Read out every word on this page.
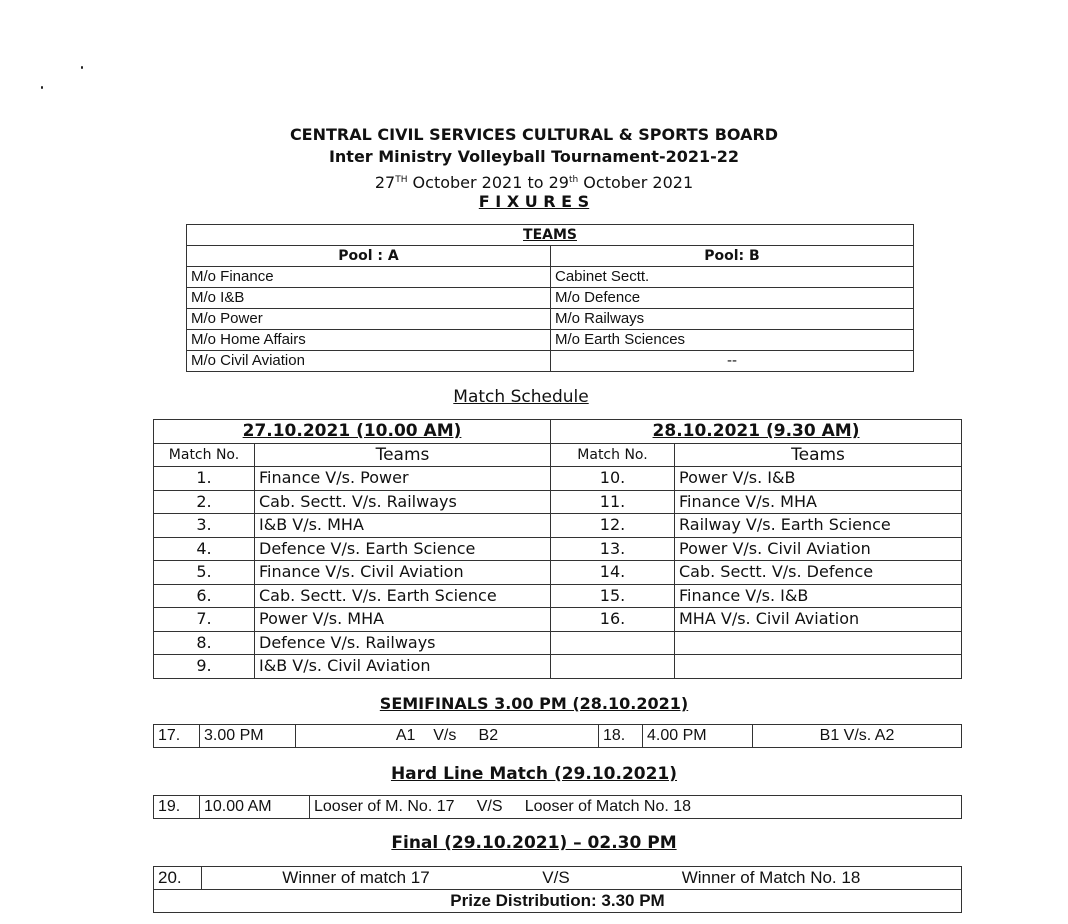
CENTRAL CIVIL SERVICES CULTURAL & SPORTS BOARD
Inter Ministry Volleyball Tournament-2021-22
27TH October 2021 to 29th October 2021
F I X U R E S
TEAMS	
Pool : A	Pool: B
M/o Finance	Cabinet Sectt.
M/o I&B	M/o Defence
M/o Power	M/o Railways
M/o Home Affairs	M/o Earth Sciences
M/o Civil Aviation	--
Match Schedule
27.10.2021 (10.00 AM)		28.10.2021 (9.30 AM)	
Match No.	Teams	Match No.	Teams
1.	Finance V/s. Power	10.	Power V/s. I&B
2.	Cab. Sectt. V/s. Railways	11.	Finance V/s. MHA
3.	I&B V/s. MHA	12.	Railway V/s. Earth Science
4.	Defence V/s. Earth Science	13.	Power V/s. Civil Aviation
5.	Finance V/s. Civil Aviation	14.	Cab. Sectt. V/s. Defence
6.	Cab. Sectt. V/s. Earth Science	15.	Finance V/s. I&B
7.	Power V/s. MHA	16.	MHA V/s. Civil Aviation
8.	Defence V/s. Railways		
9.	I&B V/s. Civil Aviation		
SEMIFINALS 3.00 PM (28.10.2021)
17.	3.00 PM	A1    V/s     B2	18.	4.00 PM	B1 V/s. A2
Hard Line Match (29.10.2021)
19.	10.00 AM	Looser of M. No. 17     V/S     Looser of Match No. 18
Final (29.10.2021) – 02.30 PM
20.	Winner of match 17	V/S	Winner of Match No. 18
Prize Distribution: 3.30 PM
